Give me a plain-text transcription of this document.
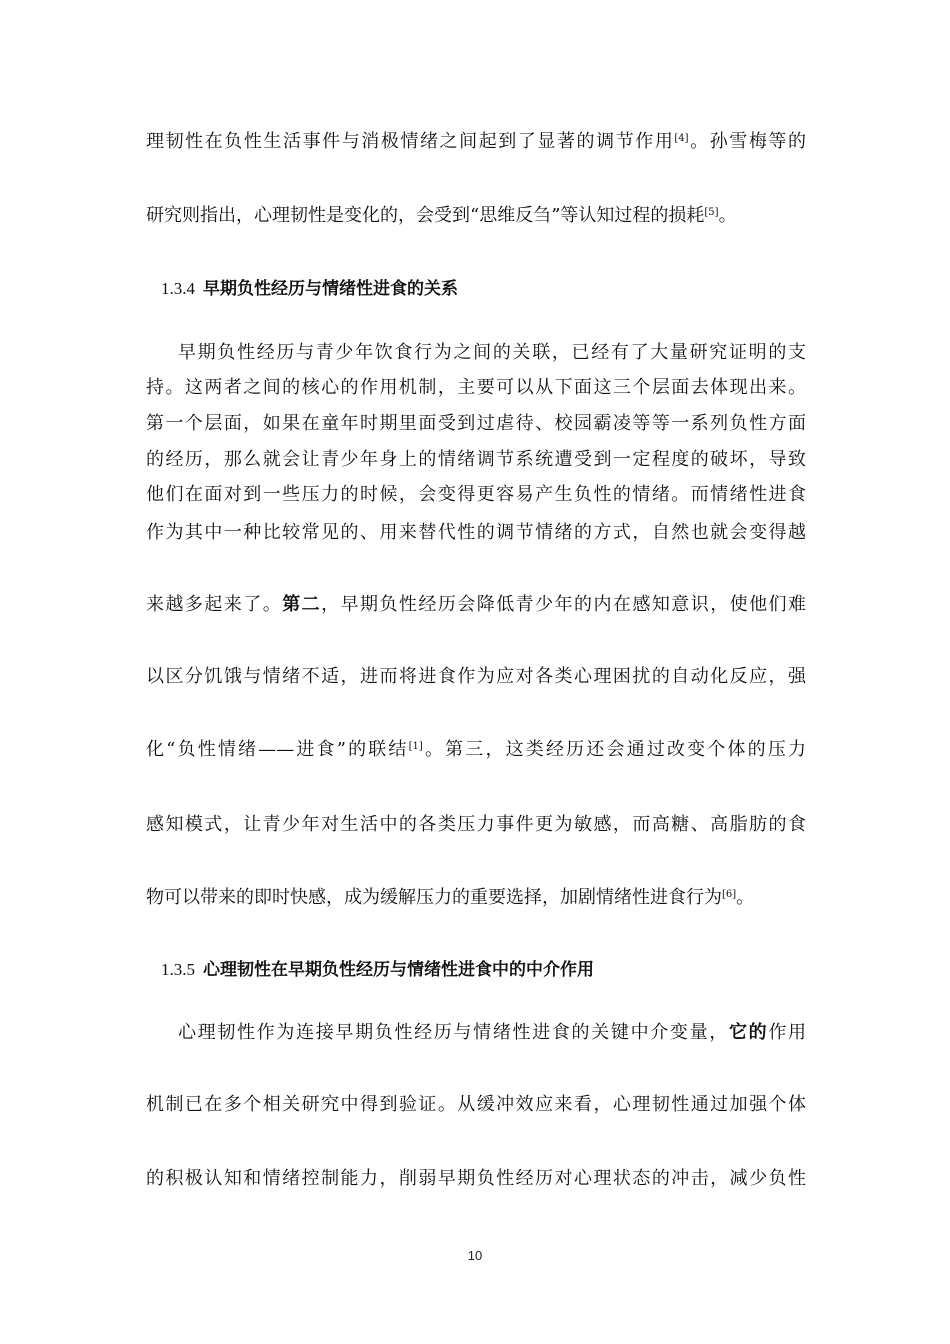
理韧性在负性生活事件与消极情绪之间起到了显著的调节作用[4]。孙雪梅等的
研究则指出，心理韧性是变化的，会受到“思维反刍”等认知过程的损耗[5]。
1.3.4 早期负性经历与情绪性进食的关系
早期负性经历与青少年饮食行为之间的关联，已经有了大量研究证明的支
持。这两者之间的核心的作用机制，主要可以从下面这三个层面去体现出来。
第一个层面，如果在童年时期里面受到过虐待、校园霸凌等等一系列负性方面
的经历，那么就会让青少年身上的情绪调节系统遭受到一定程度的破坏，导致
他们在面对到一些压力的时候，会变得更容易产生负性的情绪。而情绪性进食
作为其中一种比较常见的、用来替代性的调节情绪的方式，自然也就会变得越
来越多起来了。第二，早期负性经历会降低青少年的内在感知意识，使他们难
以区分饥饿与情绪不适，进而将进食作为应对各类心理困扰的自动化反应，强
化“负性情绪——进食”的联结[1]。第三，这类经历还会通过改变个体的压力
感知模式，让青少年对生活中的各类压力事件更为敏感，而高糖、高脂肪的食
物可以带来的即时快感，成为缓解压力的重要选择，加剧情绪性进食行为[6]。
1.3.5 心理韧性在早期负性经历与情绪性进食中的中介作用
心理韧性作为连接早期负性经历与情绪性进食的关键中介变量，它的作用
机制已在多个相关研究中得到验证。从缓冲效应来看，心理韧性通过加强个体
的积极认知和情绪控制能力，削弱早期负性经历对心理状态的冲击，减少负性
10
